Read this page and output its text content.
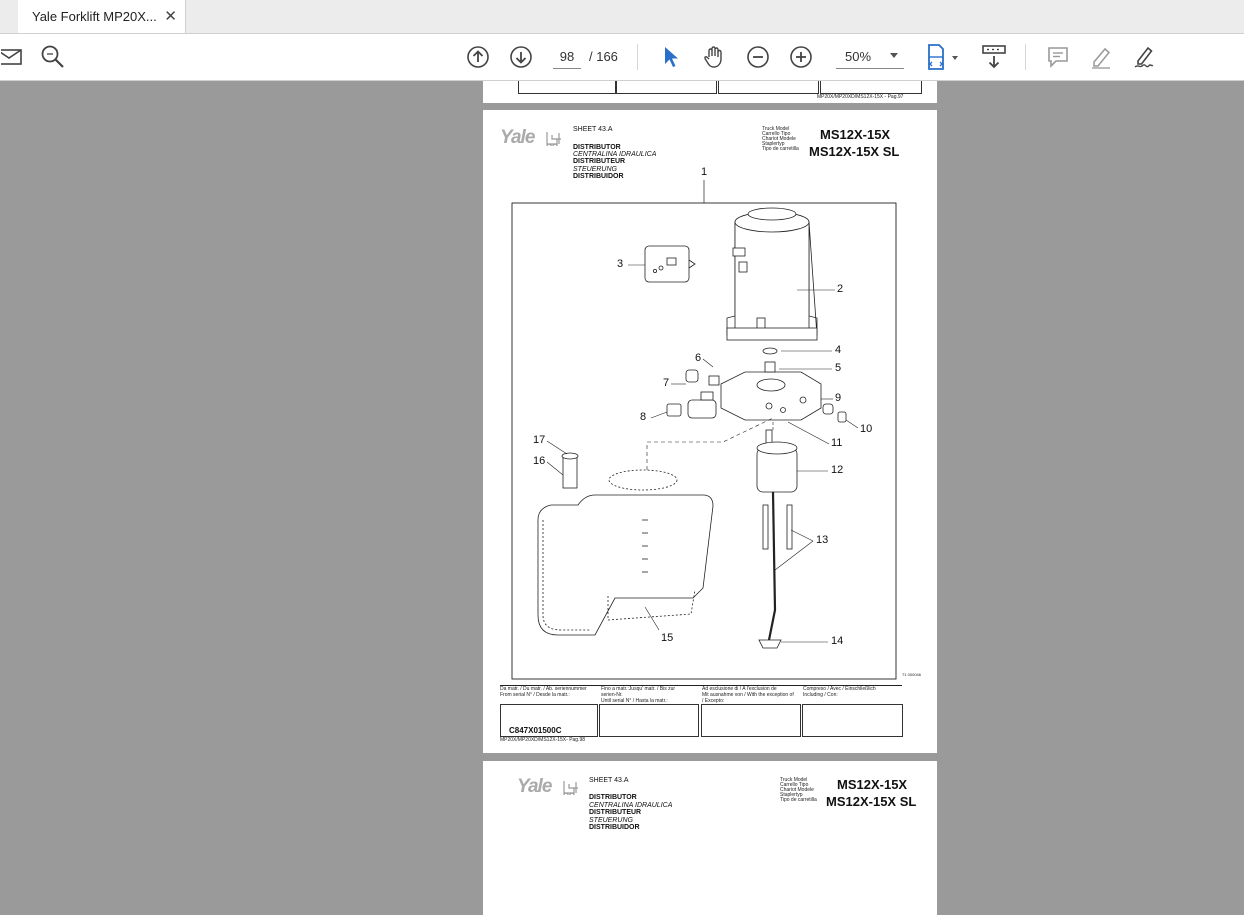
Yale Forklift MP20X... ✕
98
/ 166	50%
MP20X/MP20XD/MS12X-15X - Pag.97
Yale	SHEET 43.A
DISTRIBUTOR
CENTRALINA IDRAULICA
DISTRIBUTEUR
STEUERUNG
DISTRIBUIDOR
Truck Model
Carrello Tipo
Chariot Modele
Staplertyp
Tipo de carretilla
MS12X-15X
MS12X-15X SL
T1 000046
1
2
3
4
5
6
7
8
9
10
11
12
13
14
15
16
17
Da matr. / Du matr. / Ab. seriennummer
From serial N° / Desde la matr.:
Fino a matr.:Jusqu' matr. / Bis zur
serien-Nr.
Until serial N° / Hasta la matr.:
Ad esclusione di / A l'exclusion de
Mit ausnahme von / With the exception of
/ Excepto:
Compreso / Avec / Einschließlich
Including / Con:
C847X01500C
MP20X/MP20XD/MS12X-15X- Pag.98
Yale	SHEET 43.A
DISTRIBUTOR
CENTRALINA IDRAULICA
DISTRIBUTEUR
STEUERUNG
DISTRIBUIDOR
Truck Model
Carrello Tipo
Chariot Modele
Staplertyp
Tipo de carretilla
MS12X-15X
MS12X-15X SL
